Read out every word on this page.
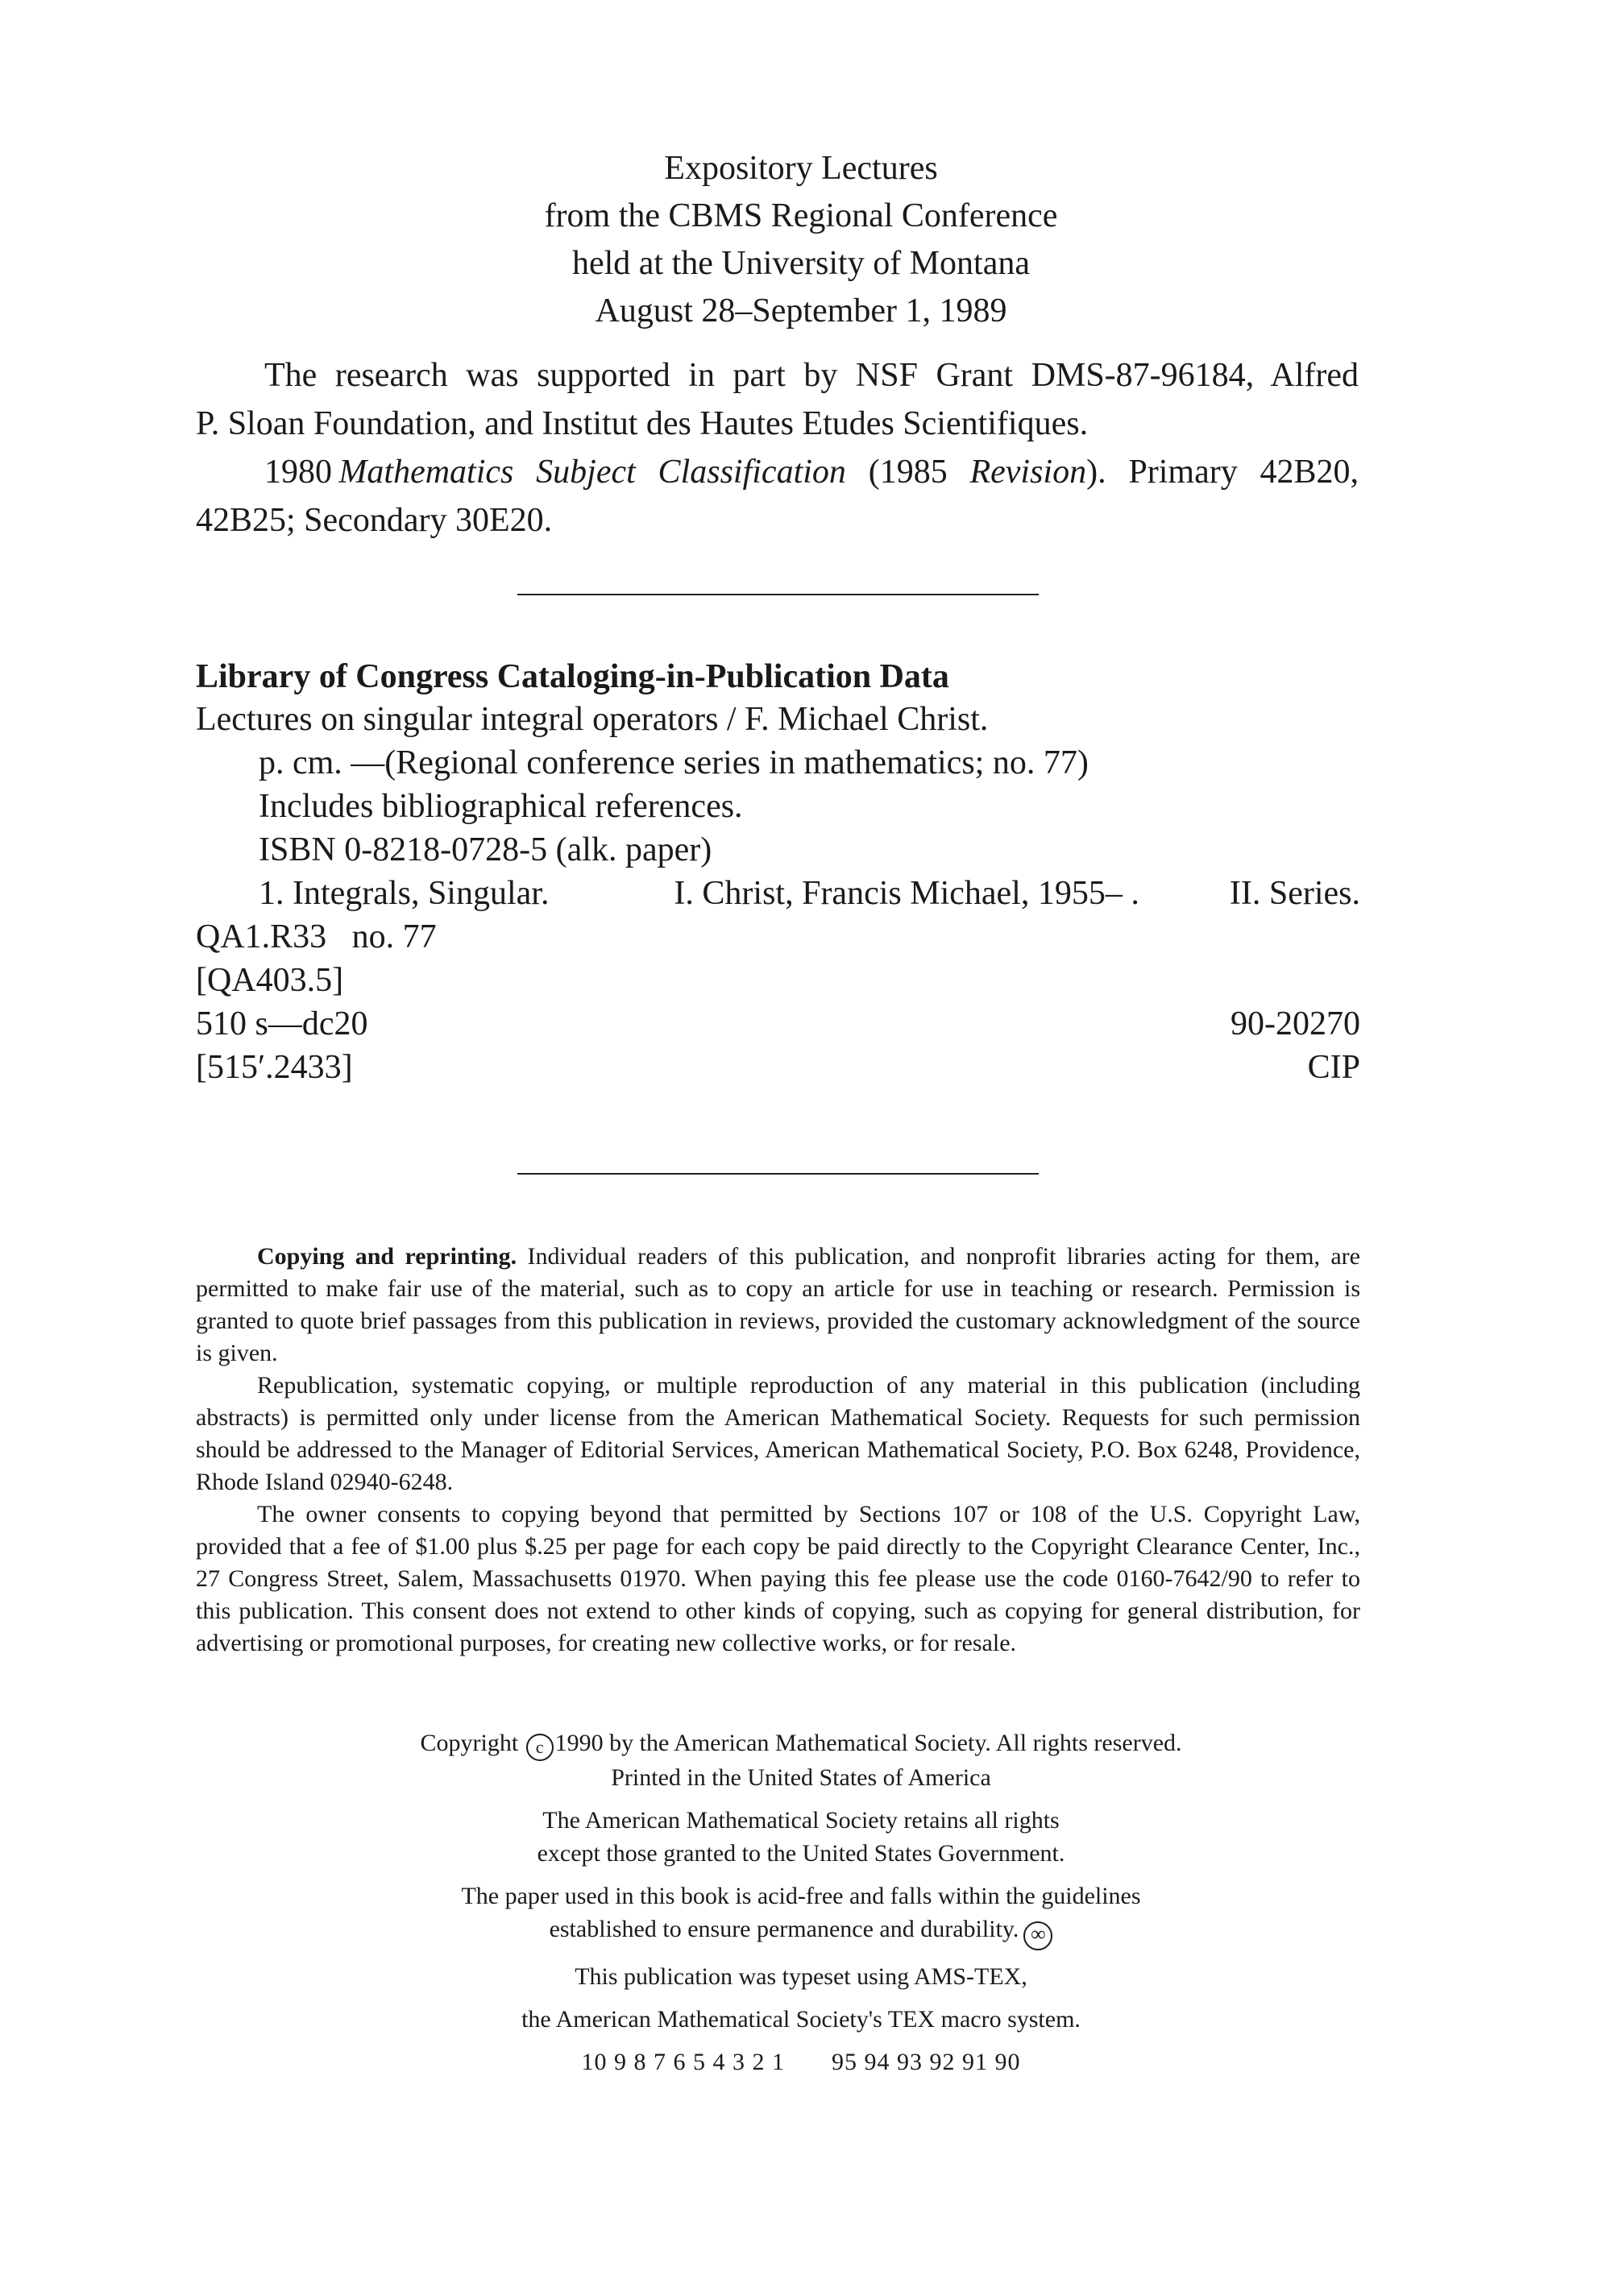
Expository Lectures
from the CBMS Regional Conference
held at the University of Montana
August 28–September 1, 1989

The research was supported in part by NSF Grant DMS-87-96184, Alfred

P. Sloan Foundation, and Institut des Hautes Etudes Scientifiques.

1980  Mathematics Subject Classification (1985 Revision). Primary 42B20,

42B25; Secondary 30E20.

Library of Congress Cataloging-in-Publication Data
Lectures on singular integral operators / F. Michael Christ.
p. cm. —(Regional conference series in mathematics; no. 77)
Includes bibliographical references.
ISBN 0-8218-0728-5 (alk. paper)
1. Integrals, Singular.	I. Christ, Francis Michael, 1955– .	II. Series.
QA1.R33   no. 77
[QA403.5]
510 s—dc20	90-20270
[515′.2433]	CIP

Copying and reprinting. Individual readers of this publication, and nonprofit libraries acting for them, are permitted to make fair use of the material, such as to copy an article for use in teaching or research. Permission is granted to quote brief passages from this publication in reviews, provided the customary acknowledgment of the source is given.

Republication, systematic copying, or multiple reproduction of any material in this publication (including abstracts) is permitted only under license from the American Mathematical Society. Requests for such permission should be addressed to the Manager of Editorial Services, American Mathematical Society, P.O. Box 6248, Providence, Rhode Island 02940-6248.

The owner consents to copying beyond that permitted by Sections 107 or 108 of the U.S. Copyright Law, provided that a fee of $1.00 plus $.25 per page for each copy be paid directly to the Copyright Clearance Center, Inc., 27 Congress Street, Salem, Massachusetts 01970. When paying this fee please use the code 0160-7642/90 to refer to this publication. This consent does not extend to other kinds of copying, such as copying for general distribution, for advertising or promotional purposes, for creating new collective works, or for resale.

Copyright c 1990 by the American Mathematical Society. All rights reserved.
Printed in the United States of America
The American Mathematical Society retains all rights
except those granted to the United States Government.
The paper used in this book is acid-free and falls within the guidelines
established to ensure permanence and durability. ∞
This publication was typeset using AMS-TEX,
the American Mathematical Society's TEX macro system.
10 9 8 7 6 5 4 3 2 1 95 94 93 92 91 90
